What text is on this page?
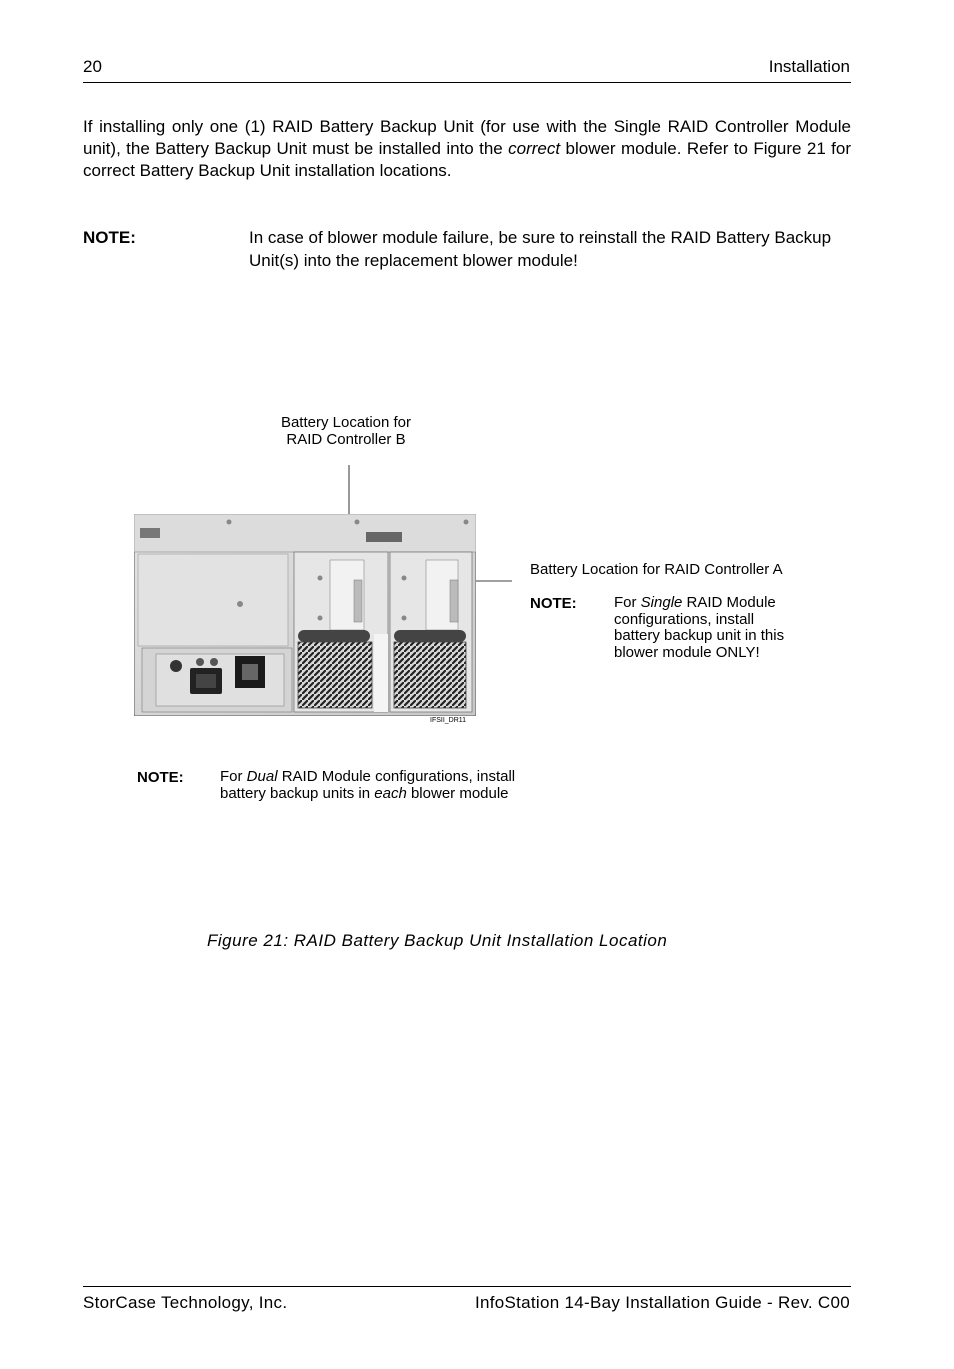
20	Installation

If installing only one (1) RAID Battery Backup Unit (for use with the Single RAID Controller Module unit), the Battery Backup Unit must be installed into the correct blower module. Refer to Figure 21 for correct Battery Backup Unit installation locations.

NOTE:	In case of blower module failure, be sure to reinstall the RAID Battery Backup Unit(s) into the replacement blower module!
Battery Location for
RAID Controller B
Battery Location for RAID Controller A
NOTE: For Single RAID Module
configurations, install
battery backup unit in this
blower module ONLY!
IFSII_DR11
NOTE: For Dual RAID Module configurations, install
battery backup units in each blower module
Figure 21: RAID Battery Backup Unit Installation Location
StorCase Technology, Inc.	InfoStation 14-Bay Installation Guide - Rev. C00
